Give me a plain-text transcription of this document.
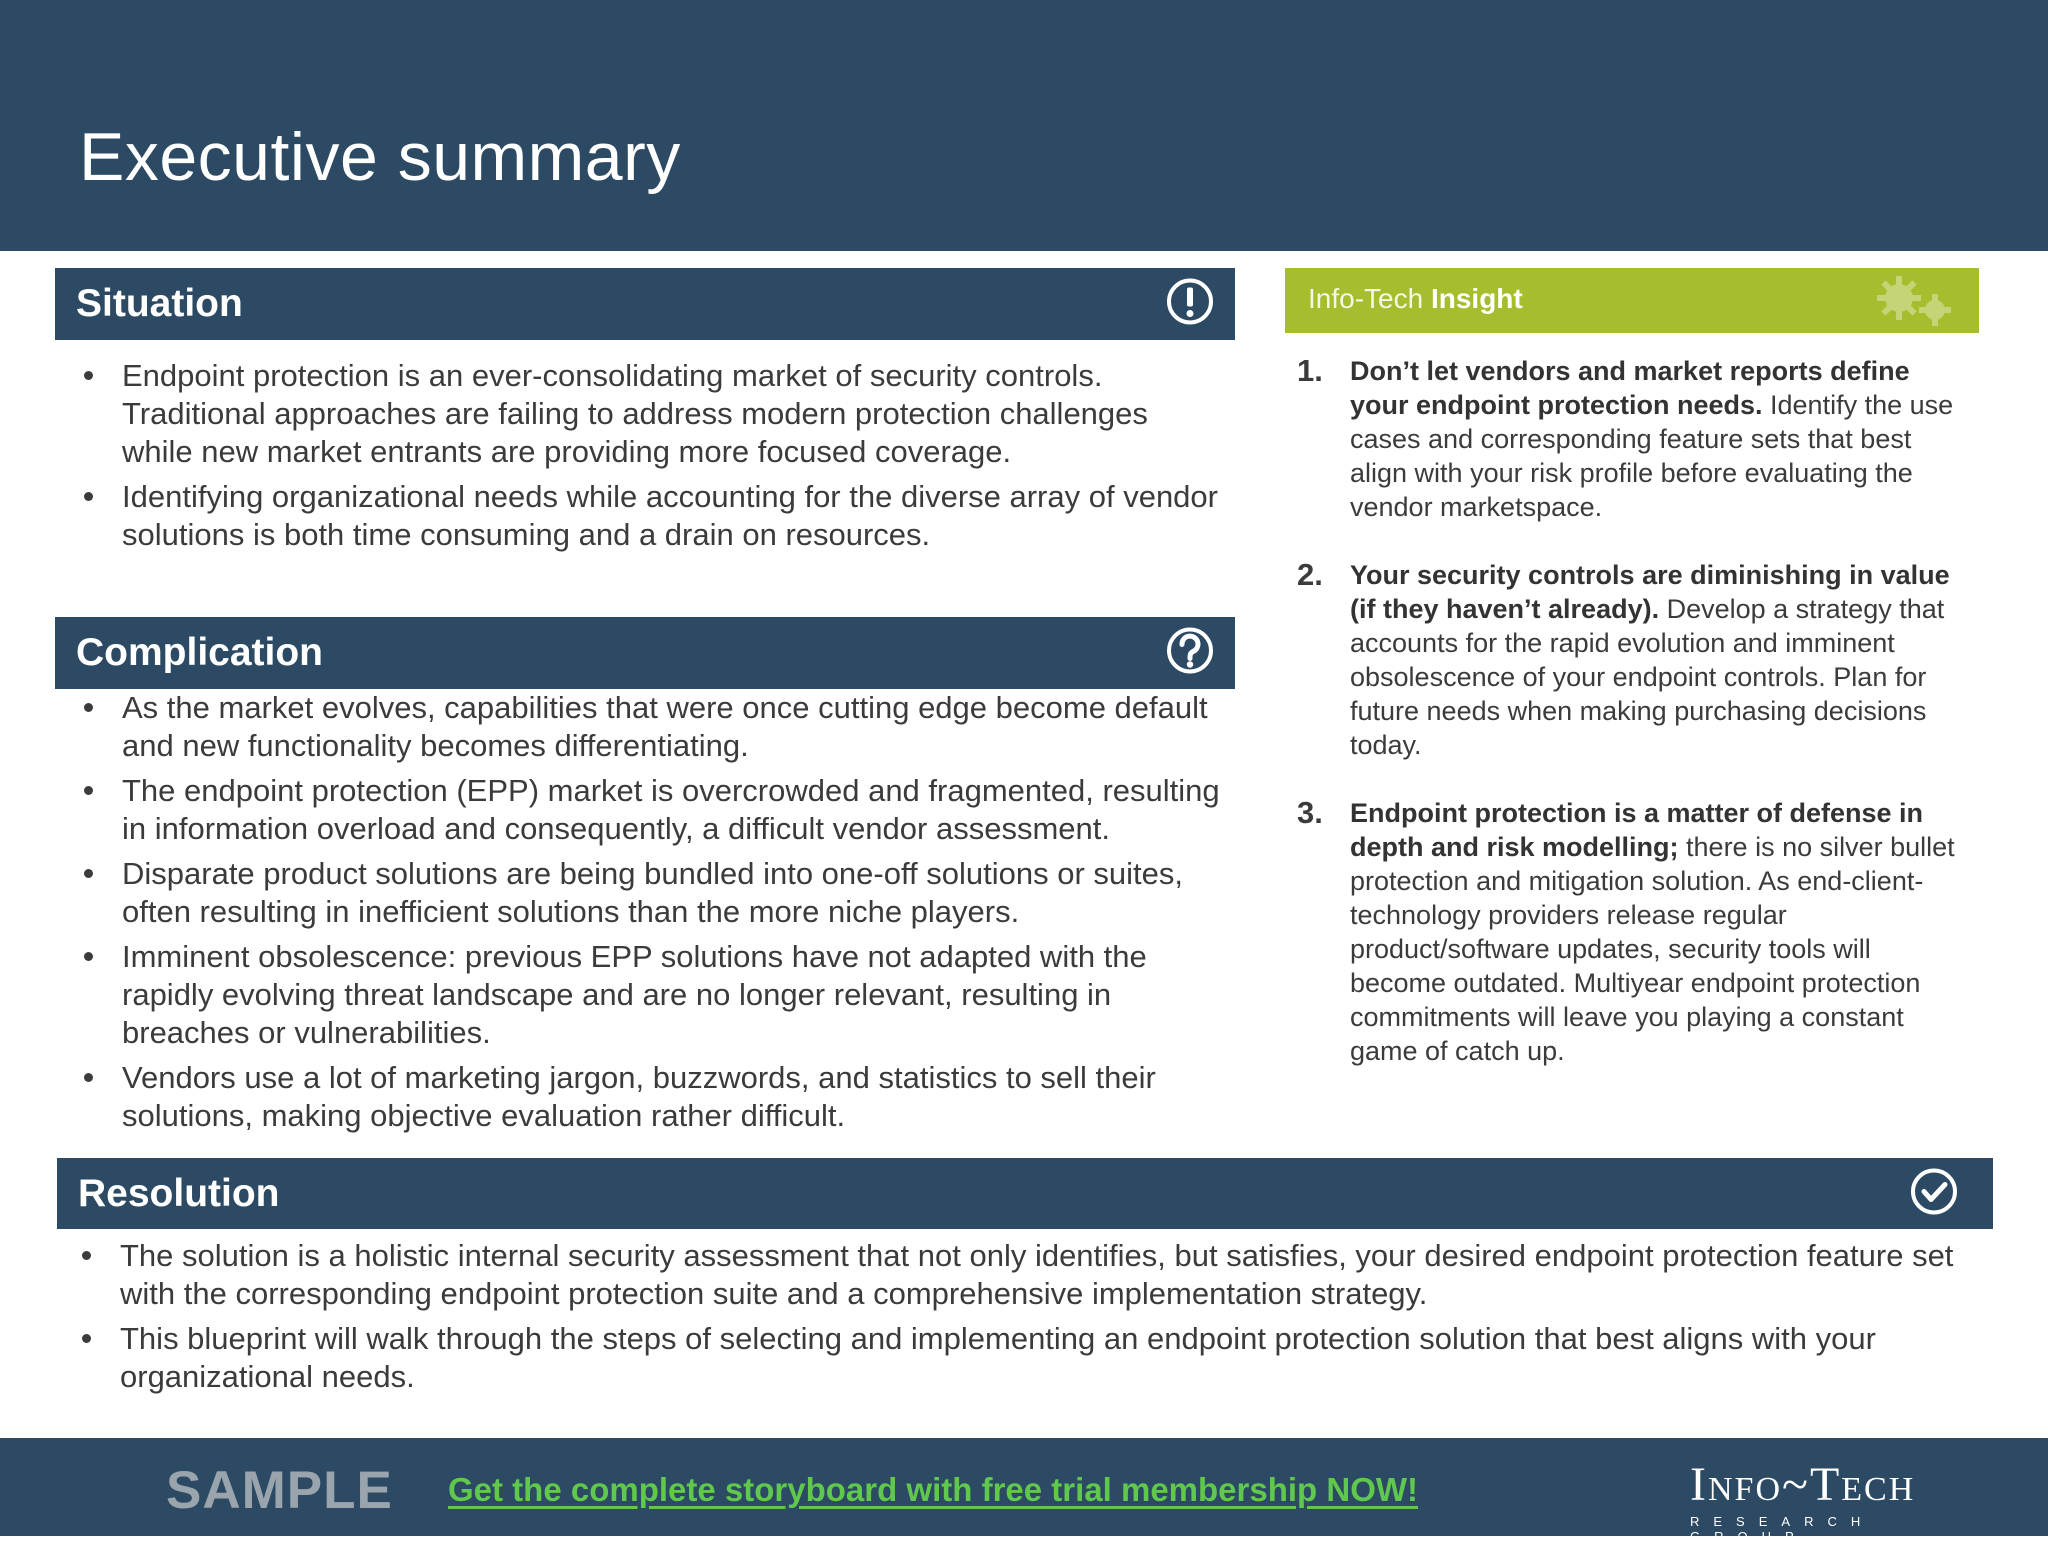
Executive summary
Situation
Endpoint protection is an ever-consolidating market of security controls. Traditional approaches are failing to address modern protection challenges while new market entrants are providing more focused coverage.
Identifying organizational needs while accounting for the diverse array of vendor solutions is both time consuming and a drain on resources.
Complication
As the market evolves, capabilities that were once cutting edge become default and new functionality becomes differentiating.
The endpoint protection (EPP) market is overcrowded and fragmented, resulting in information overload and consequently, a difficult vendor assessment.
Disparate product solutions are being bundled into one-off solutions or suites, often resulting in inefficient solutions than the more niche players.
Imminent obsolescence: previous EPP solutions have not adapted with the rapidly evolving threat landscape and are no longer relevant, resulting in breaches or vulnerabilities.
Vendors use a lot of marketing jargon, buzzwords, and statistics to sell their solutions, making objective evaluation rather difficult.
Info-Tech Insight
1. Don’t let vendors and market reports define your endpoint protection needs. Identify the use cases and corresponding feature sets that best align with your risk profile before evaluating the vendor marketspace.
2. Your security controls are diminishing in value (if they haven’t already). Develop a strategy that accounts for the rapid evolution and imminent obsolescence of your endpoint controls. Plan for future needs when making purchasing decisions today.
3. Endpoint protection is a matter of defense in depth and risk modelling; there is no silver bullet protection and mitigation solution. As end-client-technology providers release regular product/software updates, security tools will become outdated. Multiyear endpoint protection commitments will leave you playing a constant game of catch up.
Resolution
The solution is a holistic internal security assessment that not only identifies, but satisfies, your desired endpoint protection feature set with the corresponding endpoint protection suite and a comprehensive implementation strategy.
This blueprint will walk through the steps of selecting and implementing an endpoint protection solution that best aligns with your organizational needs.
SAMPLE Get the complete storyboard with free trial membership NOW!	Info~Tech
RESEARCH GROUP
